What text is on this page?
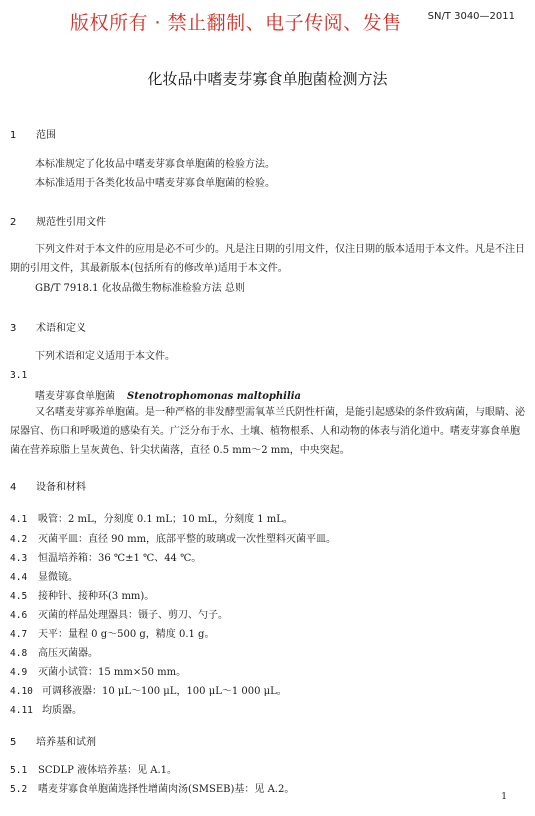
版权所有 · 禁止翻制、电子传阅、发售	SN/T 3040—2011
化妆品中嗜麦芽寡食单胞菌检测方法
1 范围
本标准规定了化妆品中嗜麦芽寡食单胞菌的检验方法。
本标准适用于各类化妆品中嗜麦芽寡食单胞菌的检验。
2 规范性引用文件
下列文件对于本文件的应用是必不可少的。凡是注日期的引用文件，仅注日期的版本适用于本文件。凡是不注日期的引用文件，其最新版本(包括所有的修改单)适用于本文件。
GB/T 7918.1 化妆品微生物标准检验方法 总则
3 术语和定义
下列术语和定义适用于本文件。
3.1
嗜麦芽寡食单胞菌 Stenotrophomonas maltophilia
又名嗜麦芽寡养单胞菌。是一种严格的非发酵型需氧革兰氏阴性杆菌，是能引起感染的条件致病菌，与眼睛、泌尿器官、伤口和呼吸道的感染有关。广泛分布于水、土壤、植物根系、人和动物的体表与消化道中。嗜麦芽寡食单胞菌在营养琼脂上呈灰黄色、针尖状菌落，直径 0.5 mm～2 mm，中央突起。
4 设备和材料
4.1 吸管：2 mL，分刻度 0.1 mL；10 mL，分刻度 1 mL。
4.2 灭菌平皿：直径 90 mm，底部平整的玻璃或一次性塑料灭菌平皿。
4.3 恒温培养箱：36 ℃±1 ℃、44 ℃。
4.4 显微镜。
4.5 接种针、接种环(3 mm)。
4.6 灭菌的样品处理器具：镊子、剪刀、勺子。
4.7 天平：量程 0 g～500 g，精度 0.1 g。
4.8 高压灭菌器。
4.9 灭菌小试管：15 mm×50 mm。
4.10 可调移液器：10 μL～100 μL，100 μL～1 000 μL。
4.11 均质器。
5 培养基和试剂
5.1 SCDLP 液体培养基：见 A.1。
5.2 嗜麦芽寡食单胞菌选择性增菌肉汤(SMSEB)基：见 A.2。
1
